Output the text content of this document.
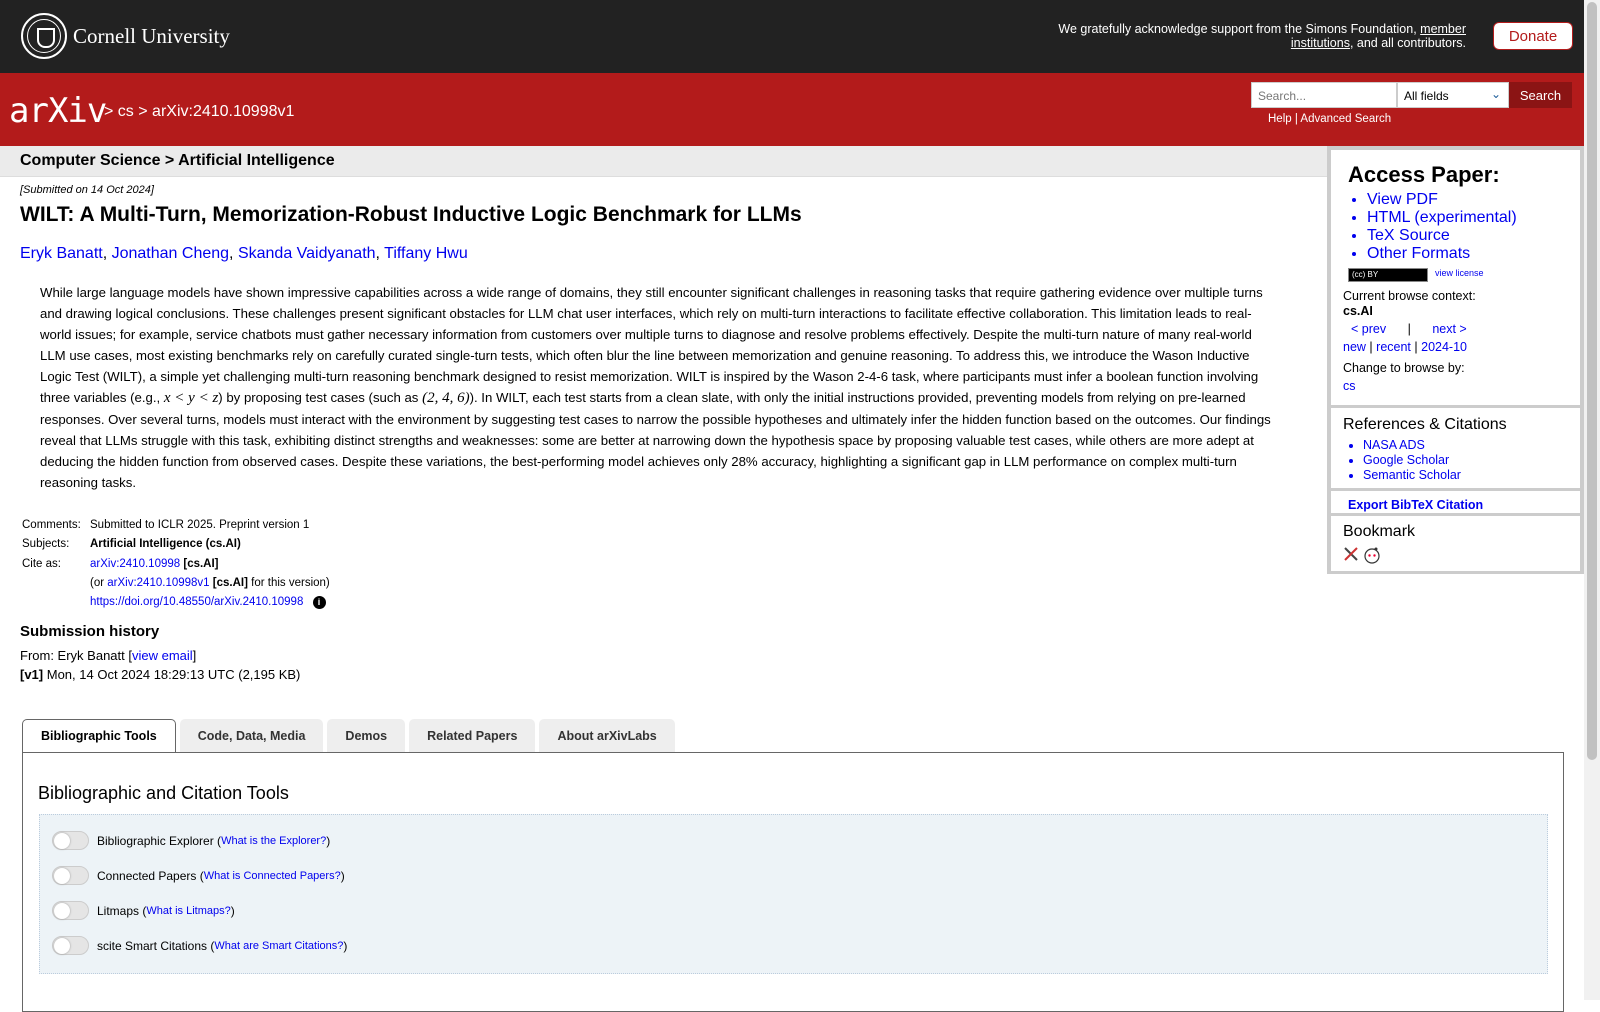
Cornell University	We gratefully acknowledge support from the Simons Foundation, member institutions, and all contributors.	Donate
arXiv
> cs > arXiv:2410.10998v1
Search...	All fields	⌄	Search
Help | Advanced Search
Computer Science > Artificial Intelligence
[Submitted on 14 Oct 2024]
WILT: A Multi-Turn, Memorization-Robust Inductive Logic Benchmark for LLMs
Eryk Banatt, Jonathan Cheng, Skanda Vaidyanath, Tiffany Hwu
While large language models have shown impressive capabilities across a wide range of domains, they still encounter significant challenges in reasoning tasks that require gathering evidence over multiple turns and drawing logical conclusions. These challenges present significant obstacles for LLM chat user interfaces, which rely on multi-turn interactions to facilitate effective collaboration. This limitation leads to real-world issues; for example, service chatbots must gather necessary information from customers over multiple turns to diagnose and resolve problems effectively. Despite the multi-turn nature of many real-world LLM use cases, most existing benchmarks rely on carefully curated single-turn tests, which often blur the line between memorization and genuine reasoning. To address this, we introduce the Wason Inductive Logic Test (WILT), a simple yet challenging multi-turn reasoning benchmark designed to resist memorization. WILT is inspired by the Wason 2-4-6 task, where participants must infer a boolean function involving three variables (e.g., x < y < z) by proposing test cases (such as (2, 4, 6)). In WILT, each test starts from a clean slate, with only the initial instructions provided, preventing models from relying on pre-learned responses. Over several turns, models must interact with the environment by suggesting test cases to narrow the possible hypotheses and ultimately infer the hidden function based on the outcomes. Our findings reveal that LLMs struggle with this task, exhibiting distinct strengths and weaknesses: some are better at narrowing down the hypothesis space by proposing valuable test cases, while others are more adept at deducing the hidden function from observed cases. Despite these variations, the best-performing model achieves only 28% accuracy, highlighting a significant gap in LLM performance on complex multi-turn reasoning tasks.
Comments: Submitted to ICLR 2025. Preprint version 1
Subjects:	Artificial Intelligence (cs.AI)
Cite as:	arXiv:2410.10998 [cs.AI]
(or arXiv:2410.10998v1 [cs.AI] for this version)
https://doi.org/10.48550/arXiv.2410.10998 i
Submission history
From: Eryk Banatt [view email]
[v1] Mon, 14 Oct 2024 18:29:13 UTC (2,195 KB)
Bibliographic Tools	Code, Data, Media	Demos	Related Papers	About arXivLabs
Bibliographic and Citation Tools
Bibliographic Explorer ( What is the Explorer? )
Connected Papers ( What is Connected Papers? )
Litmaps ( What is Litmaps? )
scite Smart Citations ( What are Smart Citations? )
Access Paper:
• View PDF
• HTML (experimental)
• TeX Source
• Other Formats
(cc) BY	view license
Current browse context:
cs.AI
< prev | next >
new | recent | 2024-10
Change to browse by:
cs
References & Citations
• NASA ADS
• Google Scholar
• Semantic Scholar
Export BibTeX Citation
Bookmark
